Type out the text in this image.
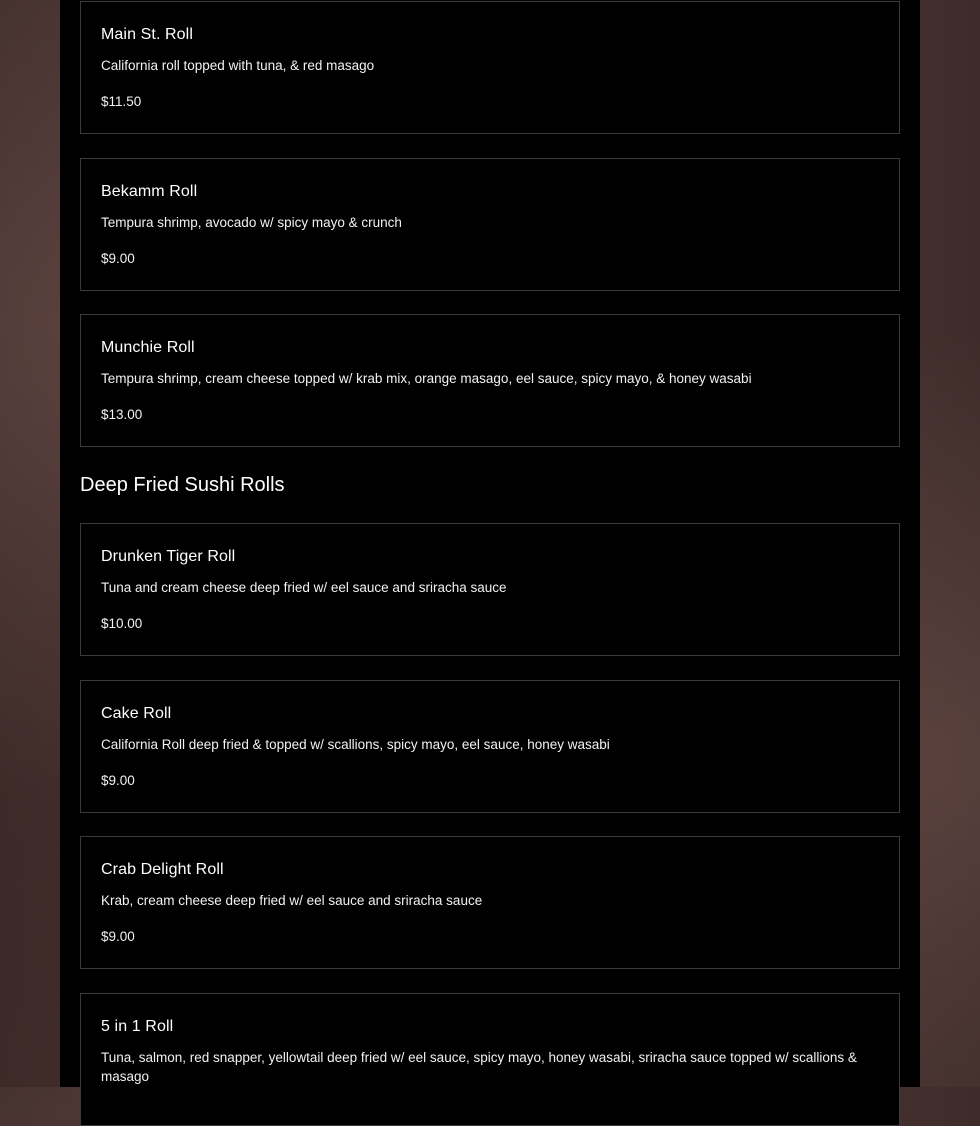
Main St. Roll
California roll topped with tuna, & red masago
$11.50
Bekamm Roll
Tempura shrimp, avocado w/ spicy mayo & crunch
$9.00
Munchie Roll
Tempura shrimp, cream cheese topped w/ krab mix, orange masago, eel sauce, spicy mayo, & honey wasabi
$13.00
Deep Fried Sushi Rolls
Drunken Tiger Roll
Tuna and cream cheese deep fried w/ eel sauce and sriracha sauce
$10.00
Cake Roll
California Roll deep fried & topped w/ scallions, spicy mayo, eel sauce, honey wasabi
$9.00
Crab Delight Roll
Krab, cream cheese deep fried w/ eel sauce and sriracha sauce
$9.00
5 in 1 Roll
Tuna, salmon, red snapper, yellowtail deep fried w/ eel sauce, spicy mayo, honey wasabi, sriracha sauce topped w/ scallions & masago
